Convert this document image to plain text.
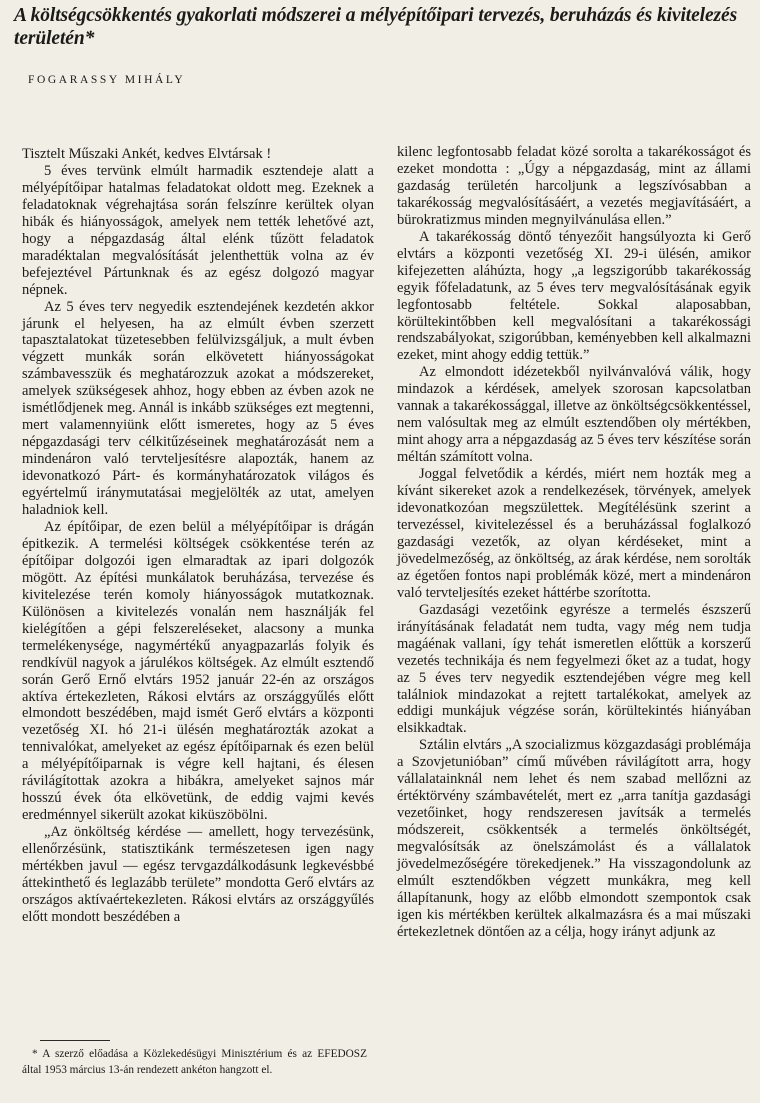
A költségcsökkentés gyakorlati módszerei a mélyépítőipari tervezés, beruházás és kivitelezés területén*
FOGARASSY MIHÁLY

Tisztelt Műszaki Ankét, kedves Elvtársak !

5 éves tervünk elmúlt harmadik esztendeje alatt a mélyépítőipar hatalmas feladatokat oldott meg. Ezeknek a feladatoknak végrehajtása során felszínre kerültek olyan hibák és hiányosságok, amelyek nem tették lehetővé azt, hogy a népgazdaság által elénk tűzött feladatok maradéktalan megvalósítását jelenthettük volna az év befejeztével Pártunknak és az egész dolgozó magyar népnek.

Az 5 éves terv negyedik esztendejének kezdetén akkor járunk el helyesen, ha az elmúlt évben szerzett tapasztalatokat tüzetesebben felülvizsgáljuk, a mult évben végzett munkák során elkövetett hiányosságokat számbavesszük és meghatározzuk azokat a módszereket, amelyek szükségesek ahhoz, hogy ebben az évben azok ne ismétlődjenek meg. Annál is inkább szükséges ezt megtenni, mert valamennyiünk előtt ismeretes, hogy az 5 éves népgazdasági terv célkitűzéseinek meghatározását nem a mindenáron való tervteljesítésre alapozták, hanem az idevonatkozó Párt- és kormányhatározatok világos és egyértelmű iránymutatásai megjelölték az utat, amelyen haladniok kell.

Az építőipar, de ezen belül a mélyépítőipar is drágán épitkezik. A termelési költségek csökkentése terén az építőipar dolgozói igen elmaradtak az ipari dolgozók mögött. Az építési munkálatok beruházása, tervezése és kivitelezése terén komoly hiányosságok mutatkoznak. Különösen a kivitelezés vonalán nem használják fel kielégítően a gépi felszereléseket, alacsony a munka termelékenysége, nagymértékű anyagpazarlás folyik és rendkívül nagyok a járulékos költségek. Az elmúlt esztendő során Gerő Ernő elvtárs 1952 január 22-én az országos aktíva értekezleten, Rákosi elvtárs az országgyűlés előtt elmondott beszédében, majd ismét Gerő elvtárs a központi vezetőség XI. hó 21-i ülésén meghatározták azokat a tennivalókat, amelyeket az egész építőiparnak és ezen belül a mélyépítőiparnak is végre kell hajtani, és élesen rávilágítottak azokra a hibákra, amelyeket sajnos már hosszú évek óta elkövetünk, de eddig vajmi kevés eredménnyel sikerült azokat kiküszöbölni.

„Az önköltség kérdése — amellett, hogy tervezésünk, ellenőrzésünk, statisztikánk természetesen igen nagy mértékben javul — egész tervgazdálkodásunk legkevésbbé áttekinthető és leglazább területe” mondotta Gerő elvtárs az országos aktívaértekezleten. Rákosi elvtárs az országgyűlés előtt mondott beszédében a

kilenc legfontosabb feladat közé sorolta a takarékosságot és ezeket mondotta : „Úgy a népgazdaság, mint az állami gazdaság területén harcoljunk a legszívósabban a takarékosság megvalósításáért, a vezetés megjavításáért, a bürokratizmus minden megnyilvánulása ellen.”

A takarékosság döntő tényezőit hangsúlyozta ki Gerő elvtárs a központi vezetőség XI. 29-i ülésén, amikor kifejezetten aláhúzta, hogy „a legszigorúbb takarékosság egyik főfeladatunk, az 5 éves terv megvalósításának egyik legfontosabb feltétele. Sokkal alaposabban, körültekintőbben kell megvalósítani a takarékossági rendszabályokat, szigorúbban, keményebben kell alkalmazni ezeket, mint ahogy eddig tettük.”

Az elmondott idézetekből nyilvánvalóvá válik, hogy mindazok a kérdések, amelyek szorosan kapcsolatban vannak a takarékossággal, illetve az önköltségcsökkentéssel, nem valósultak meg az elmúlt esztendőben oly mértékben, mint ahogy arra a népgazdaság az 5 éves terv készítése során méltán számított volna.

Joggal felvetődik a kérdés, miért nem hozták meg a kívánt sikereket azok a rendelkezések, törvények, amelyek idevonatkozóan megszülettek. Megítélésünk szerint a tervezéssel, kivitelezéssel és a beruházással foglalkozó gazdasági vezetők, az olyan kérdéseket, mint a jövedelmezőség, az önköltség, az árak kérdése, nem sorolták az égetően fontos napi problémák közé, mert a mindenáron való tervteljesítés ezeket háttérbe szorította.

Gazdasági vezetőink egyrésze a termelés észszerű irányításának feladatát nem tudta, vagy még nem tudja magáénak vallani, így tehát ismeretlen előttük a korszerű vezetés technikája és nem fegyelmezi őket az a tudat, hogy az 5 éves terv negyedik esztendejében végre meg kell találniok mindazokat a rejtett tartalékokat, amelyek az eddigi munkájuk végzése során, körültekintés hiányában elsikkadtak.

Sztálin elvtárs „A szocializmus közgazdasági problémája a Szovjetunióban” című művében rávilágított arra, hogy vállalatainknál nem lehet és nem szabad mellőzni az értéktörvény számbavételét, mert ez „arra tanítja gazdasági vezetőinket, hogy rendszeresen javítsák a termelés módszereit, csökkentsék a termelés önköltségét, megvalósítsák az önelszámolást és a vállalatok jövedelmezőségére törekedjenek.” Ha visszagondolunk az elmúlt esztendőkben végzett munkákra, meg kell állapítanunk, hogy az előbb elmondott szempontok csak igen kis mértékben kerültek alkalmazásra és a mai műszaki értekezletnek döntően az a célja, hogy irányt adjunk az

* A szerző előadása a Közlekedésügyi Minisztérium és az EFEDOSZ által 1953 március 13-án rendezett ankéton hangzott el.
